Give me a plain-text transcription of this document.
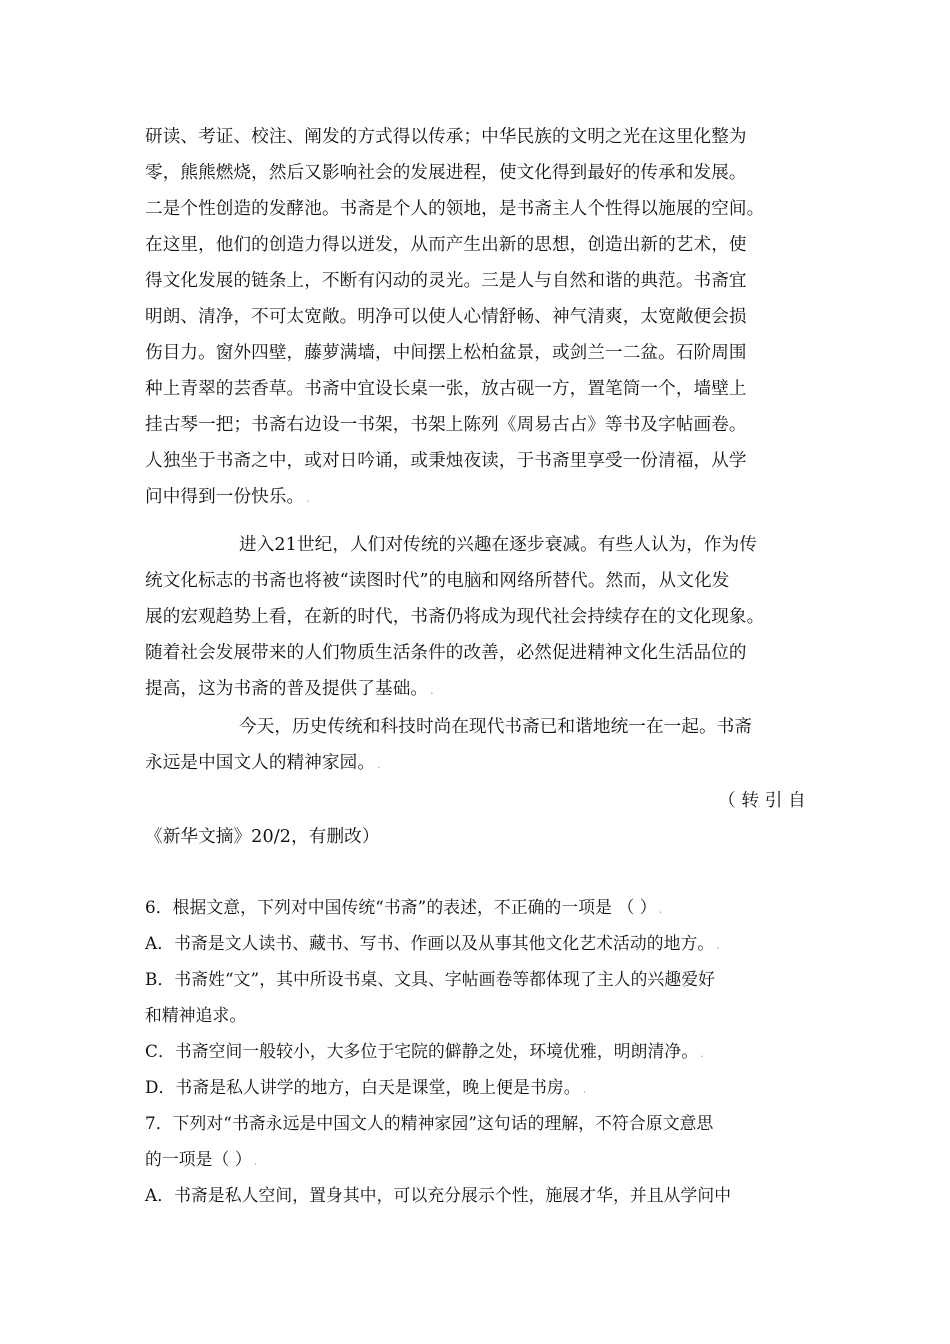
研读、考证、校注、阐发的方式得以传承；中华民族的文明之光在这里化整为
零，熊熊燃烧，然后又影响社会的发展进程，使文化得到最好的传承和发展。
二是个性创造的发酵池。书斋是个人的领地，是书斋主人个性得以施展的空间。
在这里，他们的创造力得以迸发，从而产生出新的思想，创造出新的艺术，使
得文化发展的链条上，不断有闪动的灵光。三是人与自然和谐的典范。书斋宜
明朗、清净，不可太宽敞。明净可以使人心情舒畅、神气清爽，太宽敞便会损
伤目力。窗外四壁，藤萝满墙，中间摆上松柏盆景，或剑兰一二盆。石阶周围
种上青翠的芸香草。书斋中宜设长桌一张，放古砚一方，置笔筒一个，墙壁上
挂古琴一把；书斋右边设一书架，书架上陈列《周易古占》等书及字帖画卷。
人独坐于书斋之中，或对日吟诵，或秉烛夜读，于书斋里享受一份清福，从学
问中得到一份快乐。 .
进入21世纪，人们对传统的兴趣在逐步衰减。有些人认为，作为传
统文化标志的书斋也将被“读图时代”的电脑和网络所替代。然而，从文化发
展的宏观趋势上看，在新的时代，书斋仍将成为现代社会持续存在的文化现象。
随着社会发展带来的人们物质生活条件的改善，必然促进精神文化生活品位的
提高，这为书斋的普及提供了基础。 .
今天，历史传统和科技时尚在现代书斋已和谐地统一在一起。书斋
永远是中国文人的精神家园。 .
（ 转 引 自
《新华文摘》20/2，有删改）
6．根据文意，下列对中国传统“书斋”的表述，不正确的一项是 （ ） .
A．书斋是文人读书、藏书、写书、作画以及从事其他文化艺术活动的地方。 .
B．书斋姓“文”，其中所设书桌、文具、字帖画卷等都体现了主人的兴趣爱好
和精神追求。
C．书斋空间一般较小，大多位于宅院的僻静之处，环境优雅，明朗清净。 .
D．书斋是私人讲学的地方，白天是课堂，晚上便是书房。 .
7．下列对“书斋永远是中国文人的精神家园”这句话的理解，不符合原文意思
的一项是（ ） .
A．书斋是私人空间，置身其中，可以充分展示个性，施展才华，并且从学问中
